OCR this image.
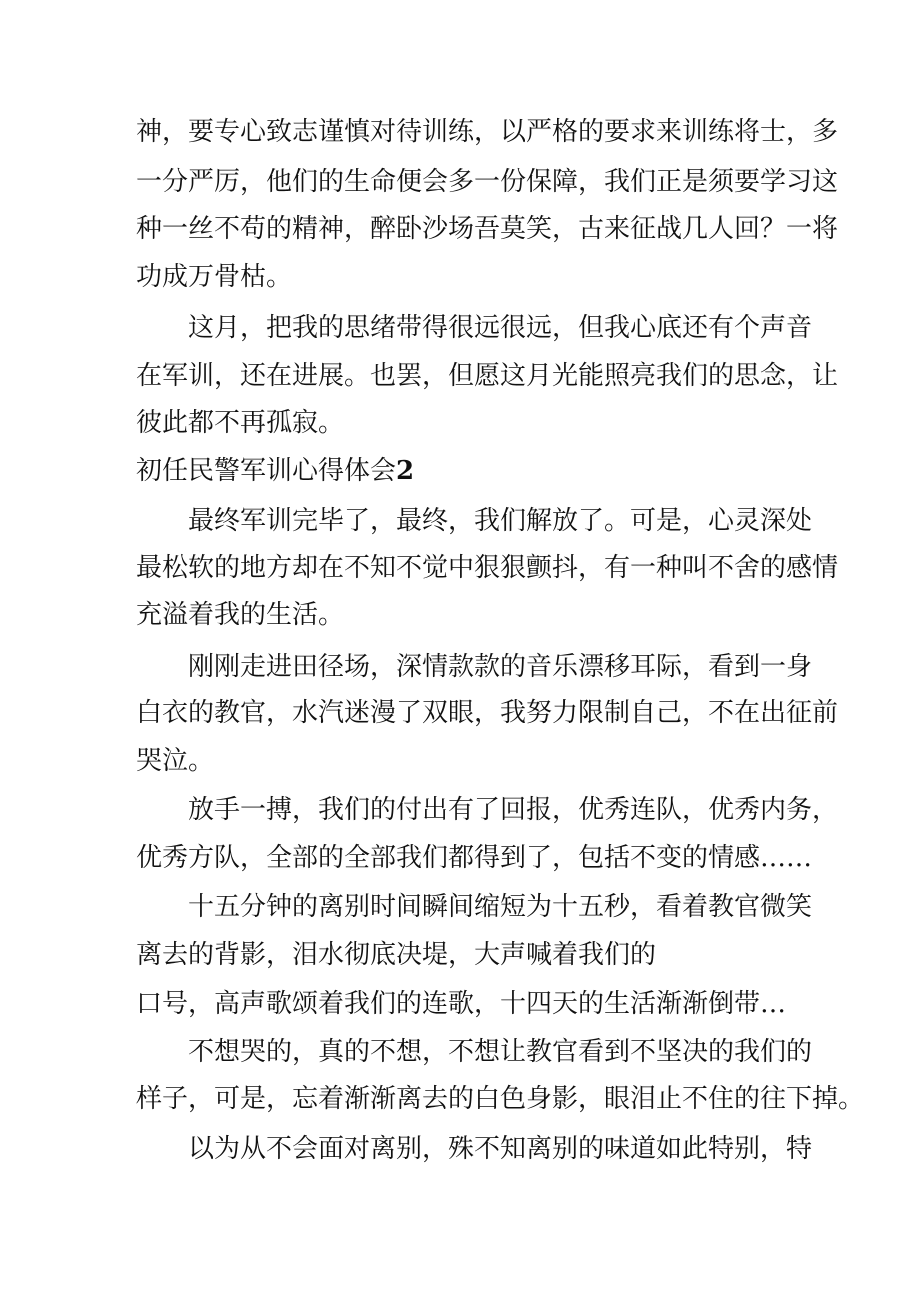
神，要专心致志谨慎对待训练，以严格的要求来训练将士，多
一分严厉，他们的生命便会多一份保障，我们正是须要学习这
种一丝不苟的精神，醉卧沙场吾莫笑，古来征战几人回？一将
功成万骨枯。
这月，把我的思绪带得很远很远，但我心底还有个声音
在军训，还在进展。也罢，但愿这月光能照亮我们的思念，让
彼此都不再孤寂。
初任民警军训心得体会2
最终军训完毕了，最终，我们解放了。可是，心灵深处
最松软的地方却在不知不觉中狠狠颤抖，有一种叫不舍的感情
充溢着我的生活。
刚刚走进田径场，深情款款的音乐漂移耳际，看到一身
白衣的教官，水汽迷漫了双眼，我努力限制自己，不在出征前
哭泣。
放手一搏，我们的付出有了回报，优秀连队，优秀内务，
优秀方队，全部的全部我们都得到了，包括不变的情感……
十五分钟的离别时间瞬间缩短为十五秒，看着教官微笑
离去的背影，泪水彻底决堤，大声喊着我们的
口号，高声歌颂着我们的连歌，十四天的生活渐渐倒带…
不想哭的，真的不想，不想让教官看到不坚决的我们的
样子，可是，忘着渐渐离去的白色身影，眼泪止不住的往下掉。
以为从不会面对离别，殊不知离别的味道如此特别，特
